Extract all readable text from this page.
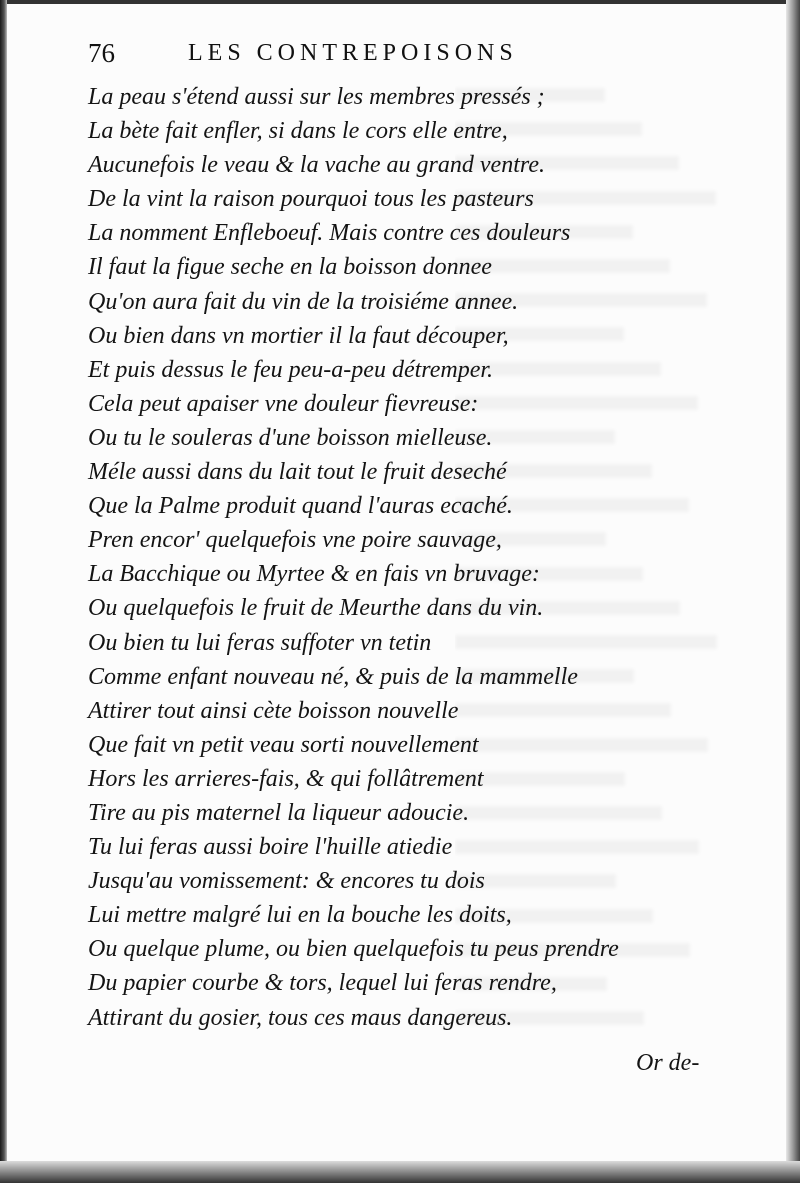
76	LES CONTREPOISONS
La peau s'étend aussi sur les membres pressés ;
La bète fait enfler, si dans le cors elle entre,
Aucunefois le veau & la vache au grand ventre.
De la vint la raison pourquoi tous les pasteurs
La nomment Enfleboeuf. Mais contre ces douleurs
Il faut la figue seche en la boisson donnee
Qu'on aura fait du vin de la troisiéme annee.
Ou bien dans vn mortier il la faut découper,
Et puis dessus le feu peu-a-peu détremper.
Cela peut apaiser vne douleur fievreuse:
Ou tu le souleras d'une boisson mielleuse.
Méle aussi dans du lait tout le fruit deseché
Que la Palme produit quand l'auras ecaché.
Pren encor' quelquefois vne poire sauvage,
La Bacchique ou Myrtee & en fais vn bruvage:
Ou quelquefois le fruit de Meurthe dans du vin.
Ou bien tu lui feras suffoter vn tetin
Comme enfant nouveau né, & puis de la mammelle
Attirer tout ainsi cète boisson nouvelle
Que fait vn petit veau sorti nouvellement
Hors les arrieres-fais, & qui follâtrement
Tire au pis maternel la liqueur adoucie.
Tu lui feras aussi boire l'huille atiedie
Jusqu'au vomissement: & encores tu dois
Lui mettre malgré lui en la bouche les doits,
Ou quelque plume, ou bien quelquefois tu peus prendre
Du papier courbe & tors, lequel lui feras rendre,
Attirant du gosier, tous ces maus dangereus.
Or de-
